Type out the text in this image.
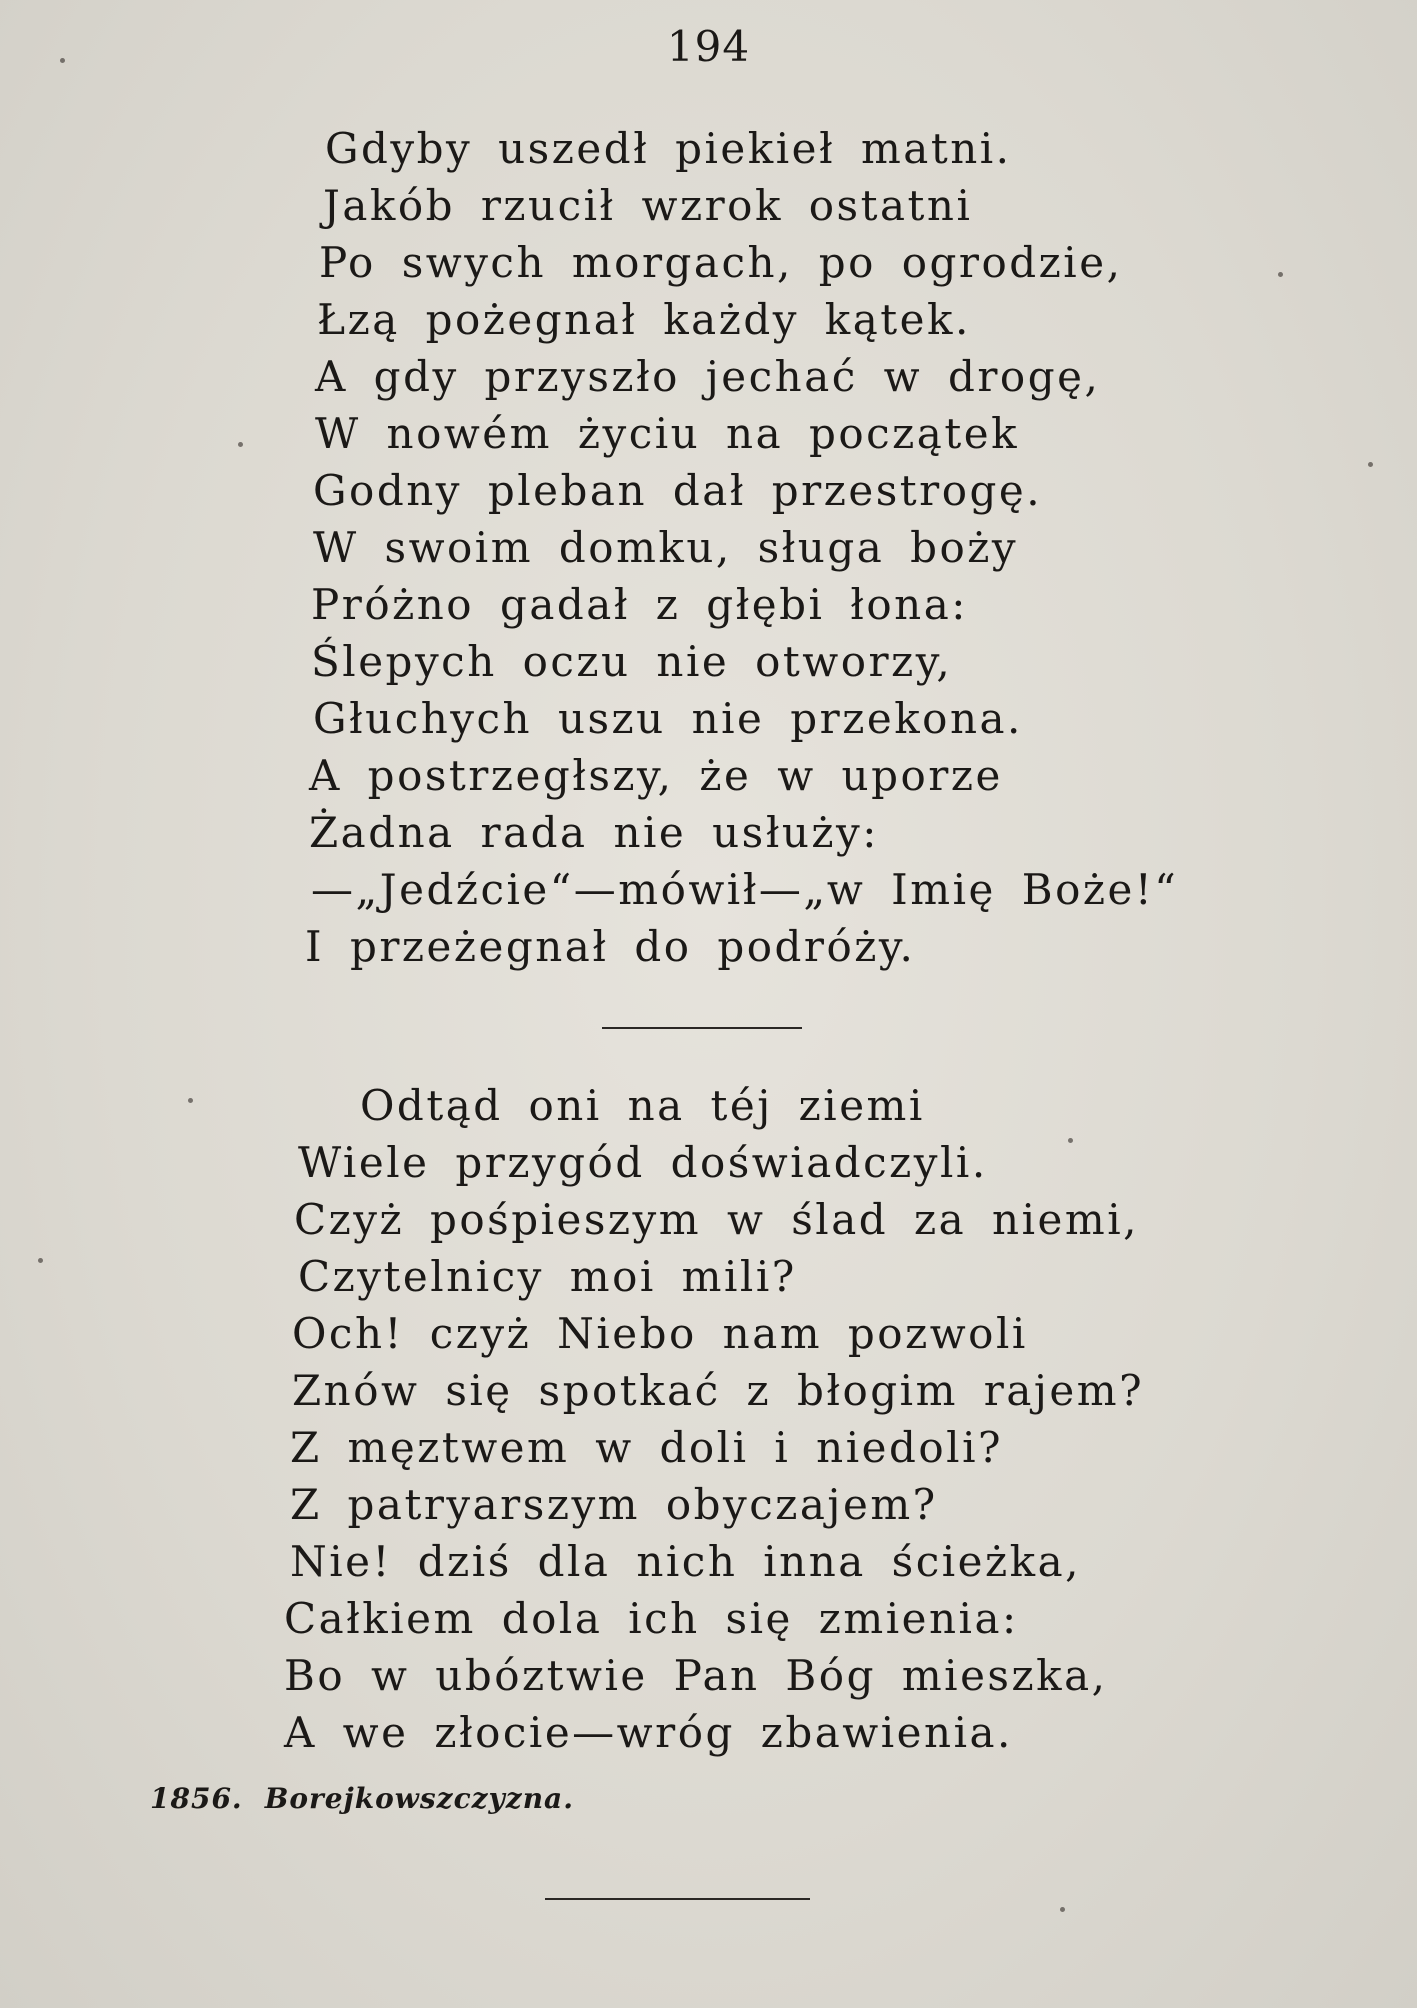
194
Gdyby uszedł piekieł matni.
Jakób rzucił wzrok ostatni
Po swych morgach, po ogrodzie,
Łzą pożegnał każdy kątek.
A gdy przyszło jechać w drogę,
W nowém życiu na początek
Godny pleban dał przestrogę.
W swoim domku, sługa boży
Próżno gadał z głębi łona:
Ślepych oczu nie otworzy,
Głuchych uszu nie przekona.
A postrzegłszy, że w uporze
Żadna rada nie usłuży:
—„Jedźcie“—mówił—„w Imię Boże!“
I przeżegnał do podróży.
Odtąd oni na téj ziemi
Wiele przygód doświadczyli.
Czyż pośpieszym w ślad za niemi,
Czytelnicy moi mili?
Och! czyż Niebo nam pozwoli
Znów się spotkać z błogim rajem?
Z męztwem w doli i niedoli?
Z patryarszym obyczajem?
Nie! dziś dla nich inna ścieżka,
Całkiem dola ich się zmienia:
Bo w ubóztwie Pan Bóg mieszka,
A we złocie—wróg zbawienia.
1856. Borejkowszczyzna.
